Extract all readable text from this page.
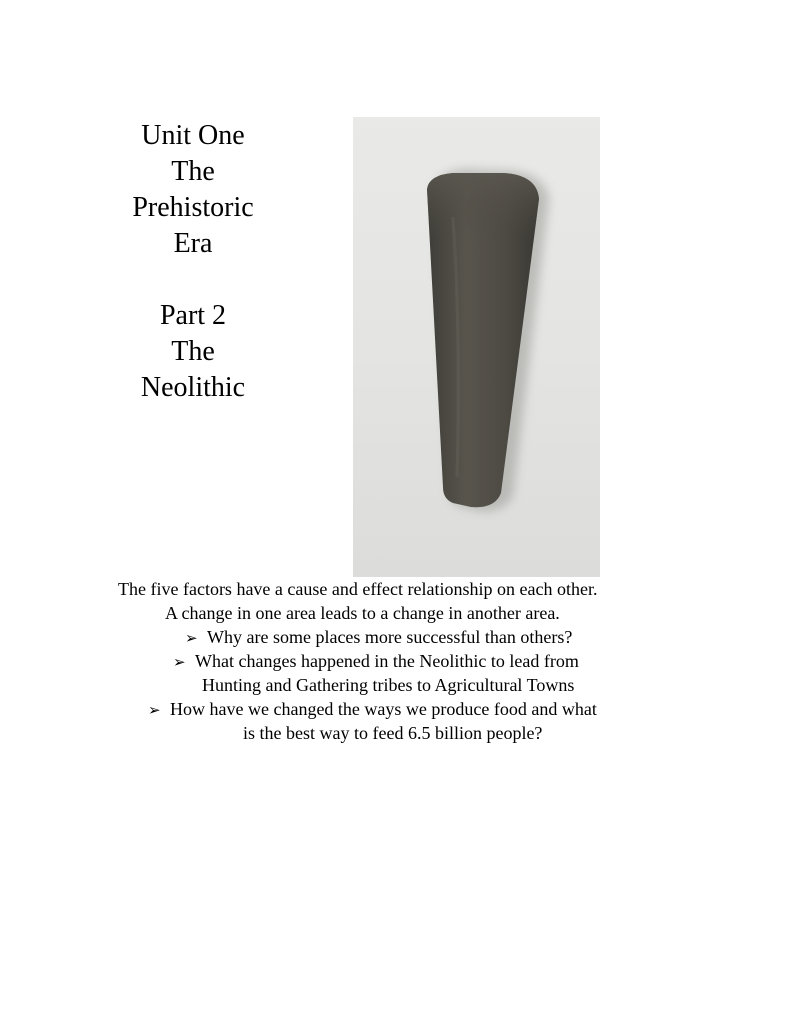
Unit One
The
Prehistoric
Era
Part 2
The
Neolithic
The five factors have a cause and effect relationship on each other.
A change in one area leads to a change in another area.
➢ Why are some places more successful than others?
➢ What changes happened in the Neolithic to lead from
Hunting and Gathering tribes to Agricultural Towns
➢ How have we changed the ways we produce food and what
is the best way to feed 6.5 billion people?
